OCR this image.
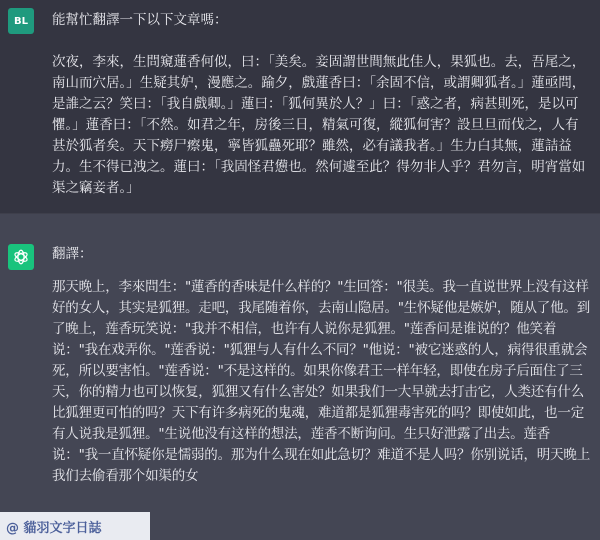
BL 能幫忙翻譯一下以下文章嗎：

次夜，李來，生問窺蓮香何似，曰：「美矣。妾固謂世間無此佳人，果狐也。去，吾尾之，南山而穴居。」生疑其妒，漫應之。踰夕，戲蓮香曰：「余固不信，或謂卿狐者。」蓮亟問，是誰之云？笑曰：「我自戲卿。」蓮曰：「狐何異於人？」曰：「惑之者，病甚則死，是以可懼。」蓮香曰：「不然。如君之年，房後三日，精氣可復，縱狐何害？設旦旦而伐之，人有甚於狐者矣。天下癆尸瘵鬼，寧皆狐蠱死耶？雖然，必有議我者。」生力白其無，蓮詰益力。生不得已洩之。蓮曰：「我固怪君憊也。然何遽至此？得勿非人乎？君勿言，明宵當如渠之竊妾者。」
翻譯：
那天晚上，李來問生："蓮香的香味是什么样的？"生回答："很美。我一直说世界上没有这样好的女人，其实是狐狸。走吧，我尾随着你，去南山隐居。"生怀疑他是嫉妒，随从了他。到了晚上，莲香玩笑说："我并不相信，也许有人说你是狐狸。"莲香问是谁说的？他笑着说："我在戏弄你。"莲香说："狐狸与人有什么不同？"他说："被它迷惑的人，病得很重就会死，所以要害怕。"莲香说："不是这样的。如果你像君王一样年轻，即使在房子后面住了三天，你的精力也可以恢复，狐狸又有什么害处？如果我们一大早就去打击它，人类还有什么比狐狸更可怕的吗？天下有许多病死的鬼魂，难道都是狐狸毒害死的吗？即使如此，也一定有人说我是狐狸。"生说他没有这样的想法，莲香不断询问。生只好泄露了出去。莲香说："我一直怀疑你是懦弱的。那为什么现在如此急切？难道不是人吗？你别说话，明天晚上我们去偷看那个如渠的女
@ 貓羽文字日誌
